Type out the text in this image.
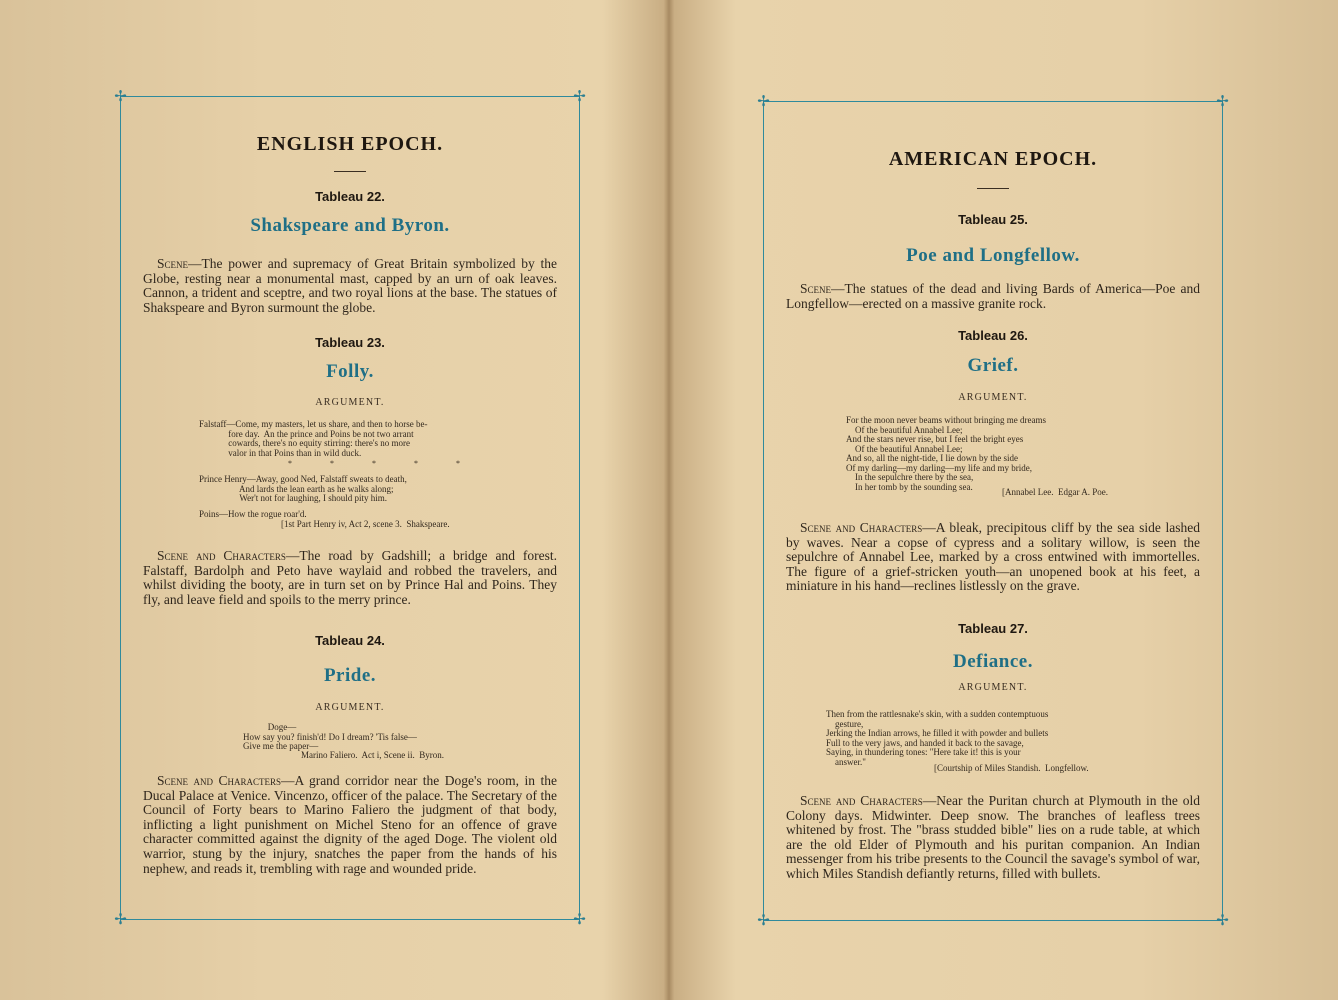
✢	✢
✢	✢
ENGLISH EPOCH.
Tableau 22.
Shakspeare and Byron.
Scene—The power and supremacy of Great Britain symbolized by the Globe, resting near a monumental mast, capped by an urn of oak leaves. Cannon, a trident and sceptre, and two royal lions at the base. The statues of Shakspeare and Byron surmount the globe.
Tableau 23.
Folly.
ARGUMENT.
Falstaff—Come, my masters, let us share, and then to horse be-
fore day.  An the prince and Poins be not two arrant
cowards, there's no equity stirring: there's no more
valor in that Poins than in wild duck.
* * * * *
Prince Henry—Away, good Ned, Falstaff sweats to death,
And lards the lean earth as he walks along;
Wer't not for laughing, I should pity him.
Poins—How the rogue roar'd.
[1st Part Henry iv, Act 2, scene 3.  Shakspeare.
Scene and Characters—The road by Gadshill; a bridge and forest. Falstaff, Bardolph and Peto have waylaid and robbed the travelers, and whilst dividing the booty, are in turn set on by Prince Hal and Poins. They fly, and leave field and spoils to the merry prince.
Tableau 24.
Pride.
ARGUMENT.
Doge—
How say you? finish'd! Do I dream? 'Tis false—
Give me the paper—
Marino Faliero.  Act i, Scene ii.  Byron.
Scene and Characters—A grand corridor near the Doge's room, in the Ducal Palace at Venice. Vincenzo, officer of the palace. The Secretary of the Council of Forty bears to Marino Faliero the judgment of that body, inflicting a light punishment on Michel Steno for an offence of grave character committed against the dignity of the aged Doge. The violent old warrior, stung by the injury, snatches the paper from the hands of his nephew, and reads it, trembling with rage and wounded pride.
✢	✢
✢	✢
AMERICAN EPOCH.
Tableau 25.
Poe and Longfellow.
Scene—The statues of the dead and living Bards of America—Poe and Longfellow—erected on a massive granite rock.
Tableau 26.
Grief.
ARGUMENT.
For the moon never beams without bringing me dreams
Of the beautiful Annabel Lee;
And the stars never rise, but I feel the bright eyes
Of the beautiful Annabel Lee;
And so, all the night-tide, I lie down by the side
Of my darling—my darling—my life and my bride,
In the sepulchre there by the sea,
In her tomb by the sounding sea.
[Annabel Lee.  Edgar A. Poe.
Scene and Characters—A bleak, precipitous cliff by the sea side lashed by waves. Near a copse of cypress and a solitary willow, is seen the sepulchre of Annabel Lee, marked by a cross entwined with immortelles. The figure of a grief-stricken youth—an unopened book at his feet, a miniature in his hand—reclines listlessly on the grave.
Tableau 27.
Defiance.
ARGUMENT.
Then from the rattlesnake's skin, with a sudden contemptuous
gesture,
Jerking the Indian arrows, he filled it with powder and bullets
Full to the very jaws, and handed it back to the savage,
Saying, in thundering tones: "Here take it! this is your
answer."
[Courtship of Miles Standish.  Longfellow.
Scene and Characters—Near the Puritan church at Plymouth in the old Colony days. Midwinter. Deep snow. The branches of leafless trees whitened by frost. The "brass studded bible" lies on a rude table, at which are the old Elder of Plymouth and his puritan companion. An Indian messenger from his tribe presents to the Council the savage's symbol of war, which Miles Standish defiantly returns, filled with bullets.
